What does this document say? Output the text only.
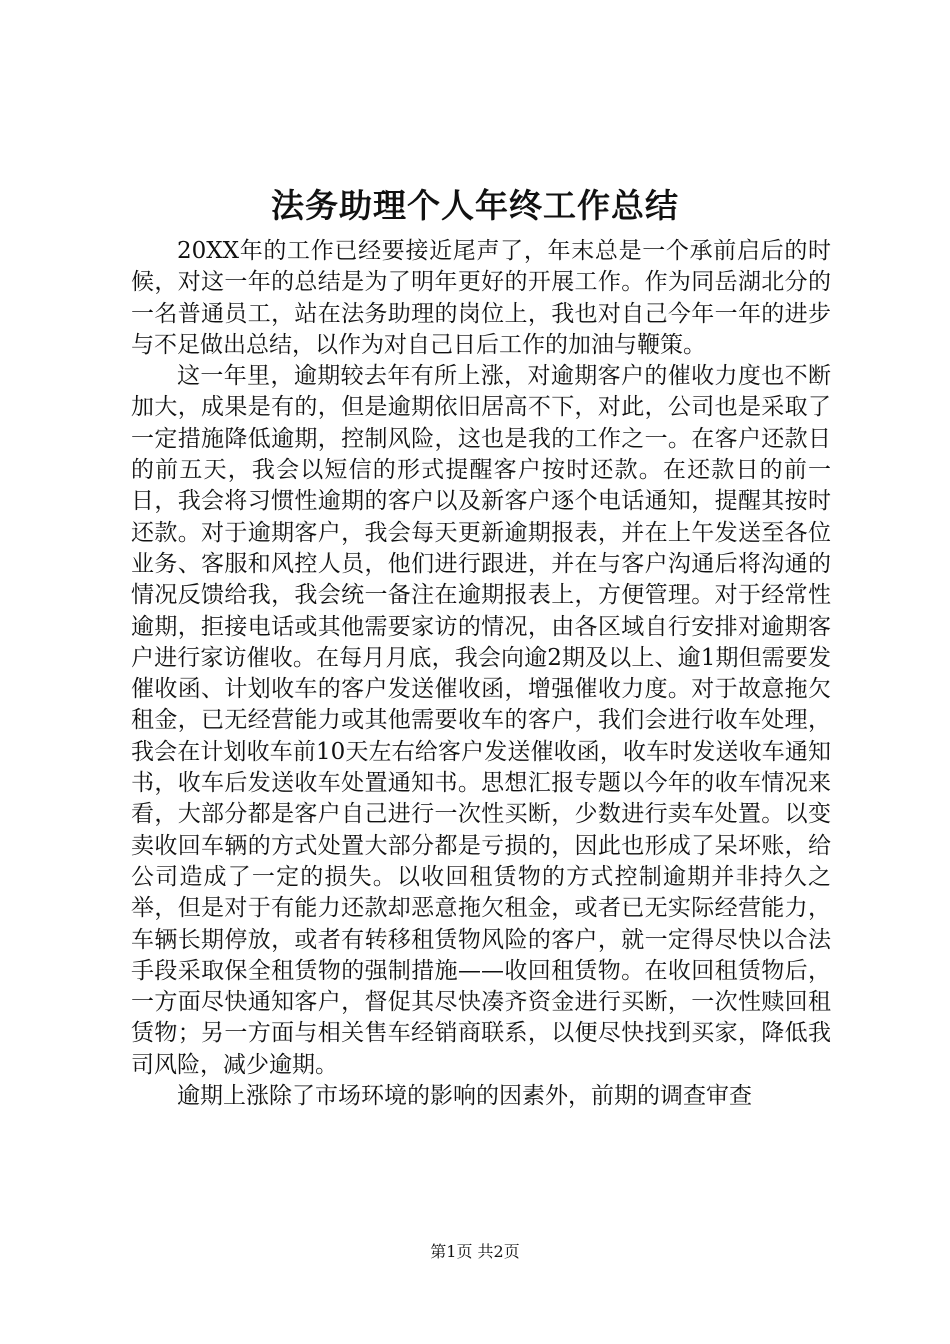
法务助理个人年终工作总结

20XX年的工作已经要接近尾声了，年末总是一个承前启后的时候，对这一年的总结是为了明年更好的开展工作。作为同岳湖北分的一名普通员工，站在法务助理的岗位上，我也对自己今年一年的进步与不足做出总结，以作为对自己日后工作的加油与鞭策。

这一年里，逾期较去年有所上涨，对逾期客户的催收力度也不断加大，成果是有的，但是逾期依旧居高不下，对此，公司也是采取了一定措施降低逾期，控制风险，这也是我的工作之一。在客户还款日的前五天，我会以短信的形式提醒客户按时还款。在还款日的前一日，我会将习惯性逾期的客户以及新客户逐个电话通知，提醒其按时还款。对于逾期客户，我会每天更新逾期报表，并在上午发送至各位业务、客服和风控人员，他们进行跟进，并在与客户沟通后将沟通的情况反馈给我，我会统一备注在逾期报表上，方便管理。对于经常性逾期，拒接电话或其他需要家访的情况，由各区域自行安排对逾期客户进行家访催收。在每月月底，我会向逾2期及以上、逾1期但需要发催收函、计划收车的客户发送催收函，增强催收力度。对于故意拖欠租金，已无经营能力或其他需要收车的客户，我们会进行收车处理，我会在计划收车前10天左右给客户发送催收函，收车时发送收车通知书，收车后发送收车处置通知书。思想汇报专题以今年的收车情况来看，大部分都是客户自己进行一次性买断，少数进行卖车处置。以变卖收回车辆的方式处置大部分都是亏损的，因此也形成了呆坏账，给公司造成了一定的损失。以收回租赁物的方式控制逾期并非持久之举，但是对于有能力还款却恶意拖欠租金，或者已无实际经营能力，车辆长期停放，或者有转移租赁物风险的客户，就一定得尽快以合法手段采取保全租赁物的强制措施——收回租赁物。在收回租赁物后，一方面尽快通知客户，督促其尽快凑齐资金进行买断，一次性赎回租赁物；另一方面与相关售车经销商联系，以便尽快找到买家，降低我司风险，减少逾期。

逾期上涨除了市场环境的影响的因素外，前期的调查审查

第1页 共2页
